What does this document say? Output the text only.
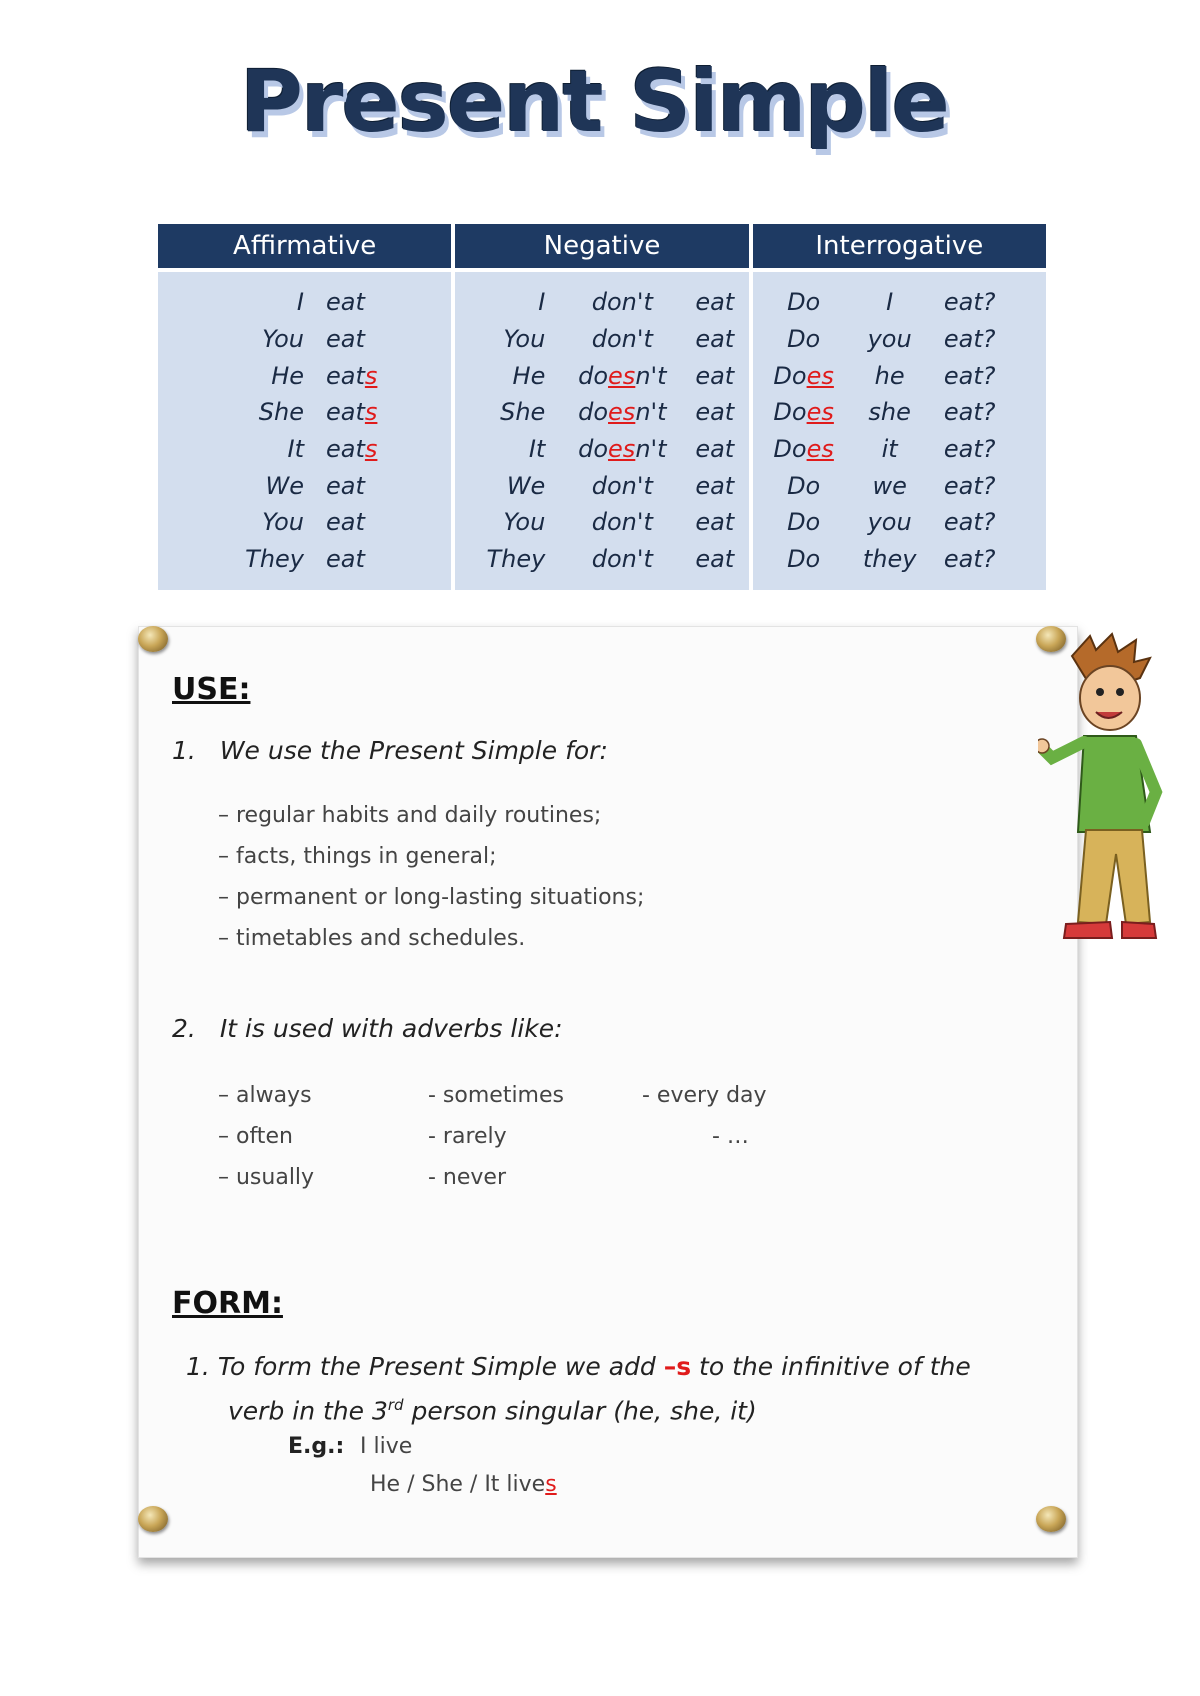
Present Simple
Affirmative
I eat
You eat
He eats
She eats
It eats
We eat
You eat
They eat
Negative
I	don't	eat
You	don't	eat
He	doesn't	eat
She	doesn't	eat
It	doesn't	eat
We	don't	eat
You	don't	eat
They	don't	eat
Interrogative
Do	I	eat?
Do	you	eat?
Does	he	eat?
Does	she	eat?
Does	it	eat?
Do	we	eat?
Do	you	eat?
Do	they	eat?
USE:
1. We use the Present Simple for:
– regular habits and daily routines;
– facts, things in general;
– permanent or long-lasting situations;
– timetables and schedules.
2. It is used with adverbs like:
– always
– often
– usually
- sometimes
- rarely
- never
- every day
- …
FORM:
1. To form the Present Simple we add –s to the infinitive of the
verb in the 3rd person singular (he, she, it)
E.g.: I live
He / She / It lives
